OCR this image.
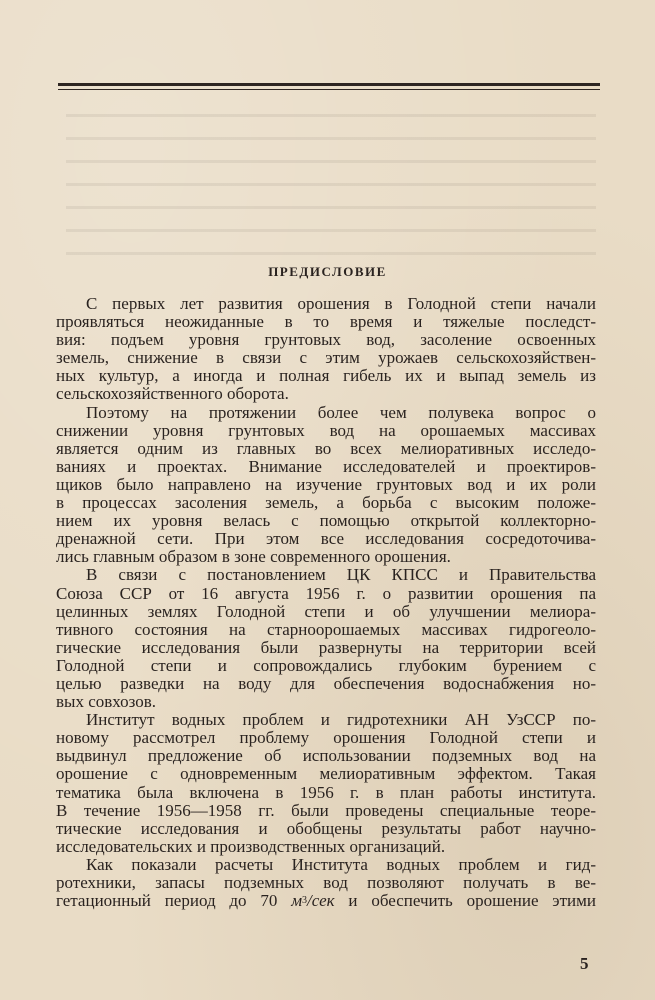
ПРЕДИСЛОВИЕ
С первых лет развития орошения в Голодной степи начали
проявляться неожиданные в то время и тяжелые последст-
вия: подъем уровня грунтовых вод, засоление освоенных
земель, снижение в связи с этим урожаев сельскохозяйствен-
ных культур, а иногда и полная гибель их и выпад земель из
сельскохозяйственного оборота.
Поэтому на протяжении более чем полувека вопрос о
снижении уровня грунтовых вод на орошаемых массивах
является одним из главных во всех мелиоративных исследо-
ваниях и проектах. Внимание исследователей и проектиров-
щиков было направлено на изучение грунтовых вод и их роли
в процессах засоления земель, а борьба с высоким положе-
нием их уровня велась с помощью открытой коллекторно-
дренажной сети. При этом все исследования сосредоточива-
лись главным образом в зоне современного орошения.
В связи с постановлением ЦК КПСС и Правительства
Союза ССР от 16 августа 1956 г. о развитии орошения па
целинных землях Голодной степи и об улучшении мелиора-
тивного состояния на старноорошаемых массивах гидрогеоло-
гические исследования были развернуты на территории всей
Голодной степи и сопровождались глубоким бурением с
целью разведки на воду для обеспечения водоснабжения но-
вых совхозов.
Институт водных проблем и гидротехники АН УзССР по-
новому рассмотрел проблему орошения Голодной степи и
выдвинул предложение об использовании подземных вод на
орошение с одновременным мелиоративным эффектом. Такая
тематика была включена в 1956 г. в план работы института.
В течение 1956—1958 гг. были проведены специальные теоре-
тические исследования и обобщены результаты работ научно-
исследовательских и производственных организаций.
Как показали расчеты Института водных проблем и гид-
ротехники, запасы подземных вод позволяют получать в ве-
гетационный период до 70 $м^3$/сек и обеспечить орошение этими
5
